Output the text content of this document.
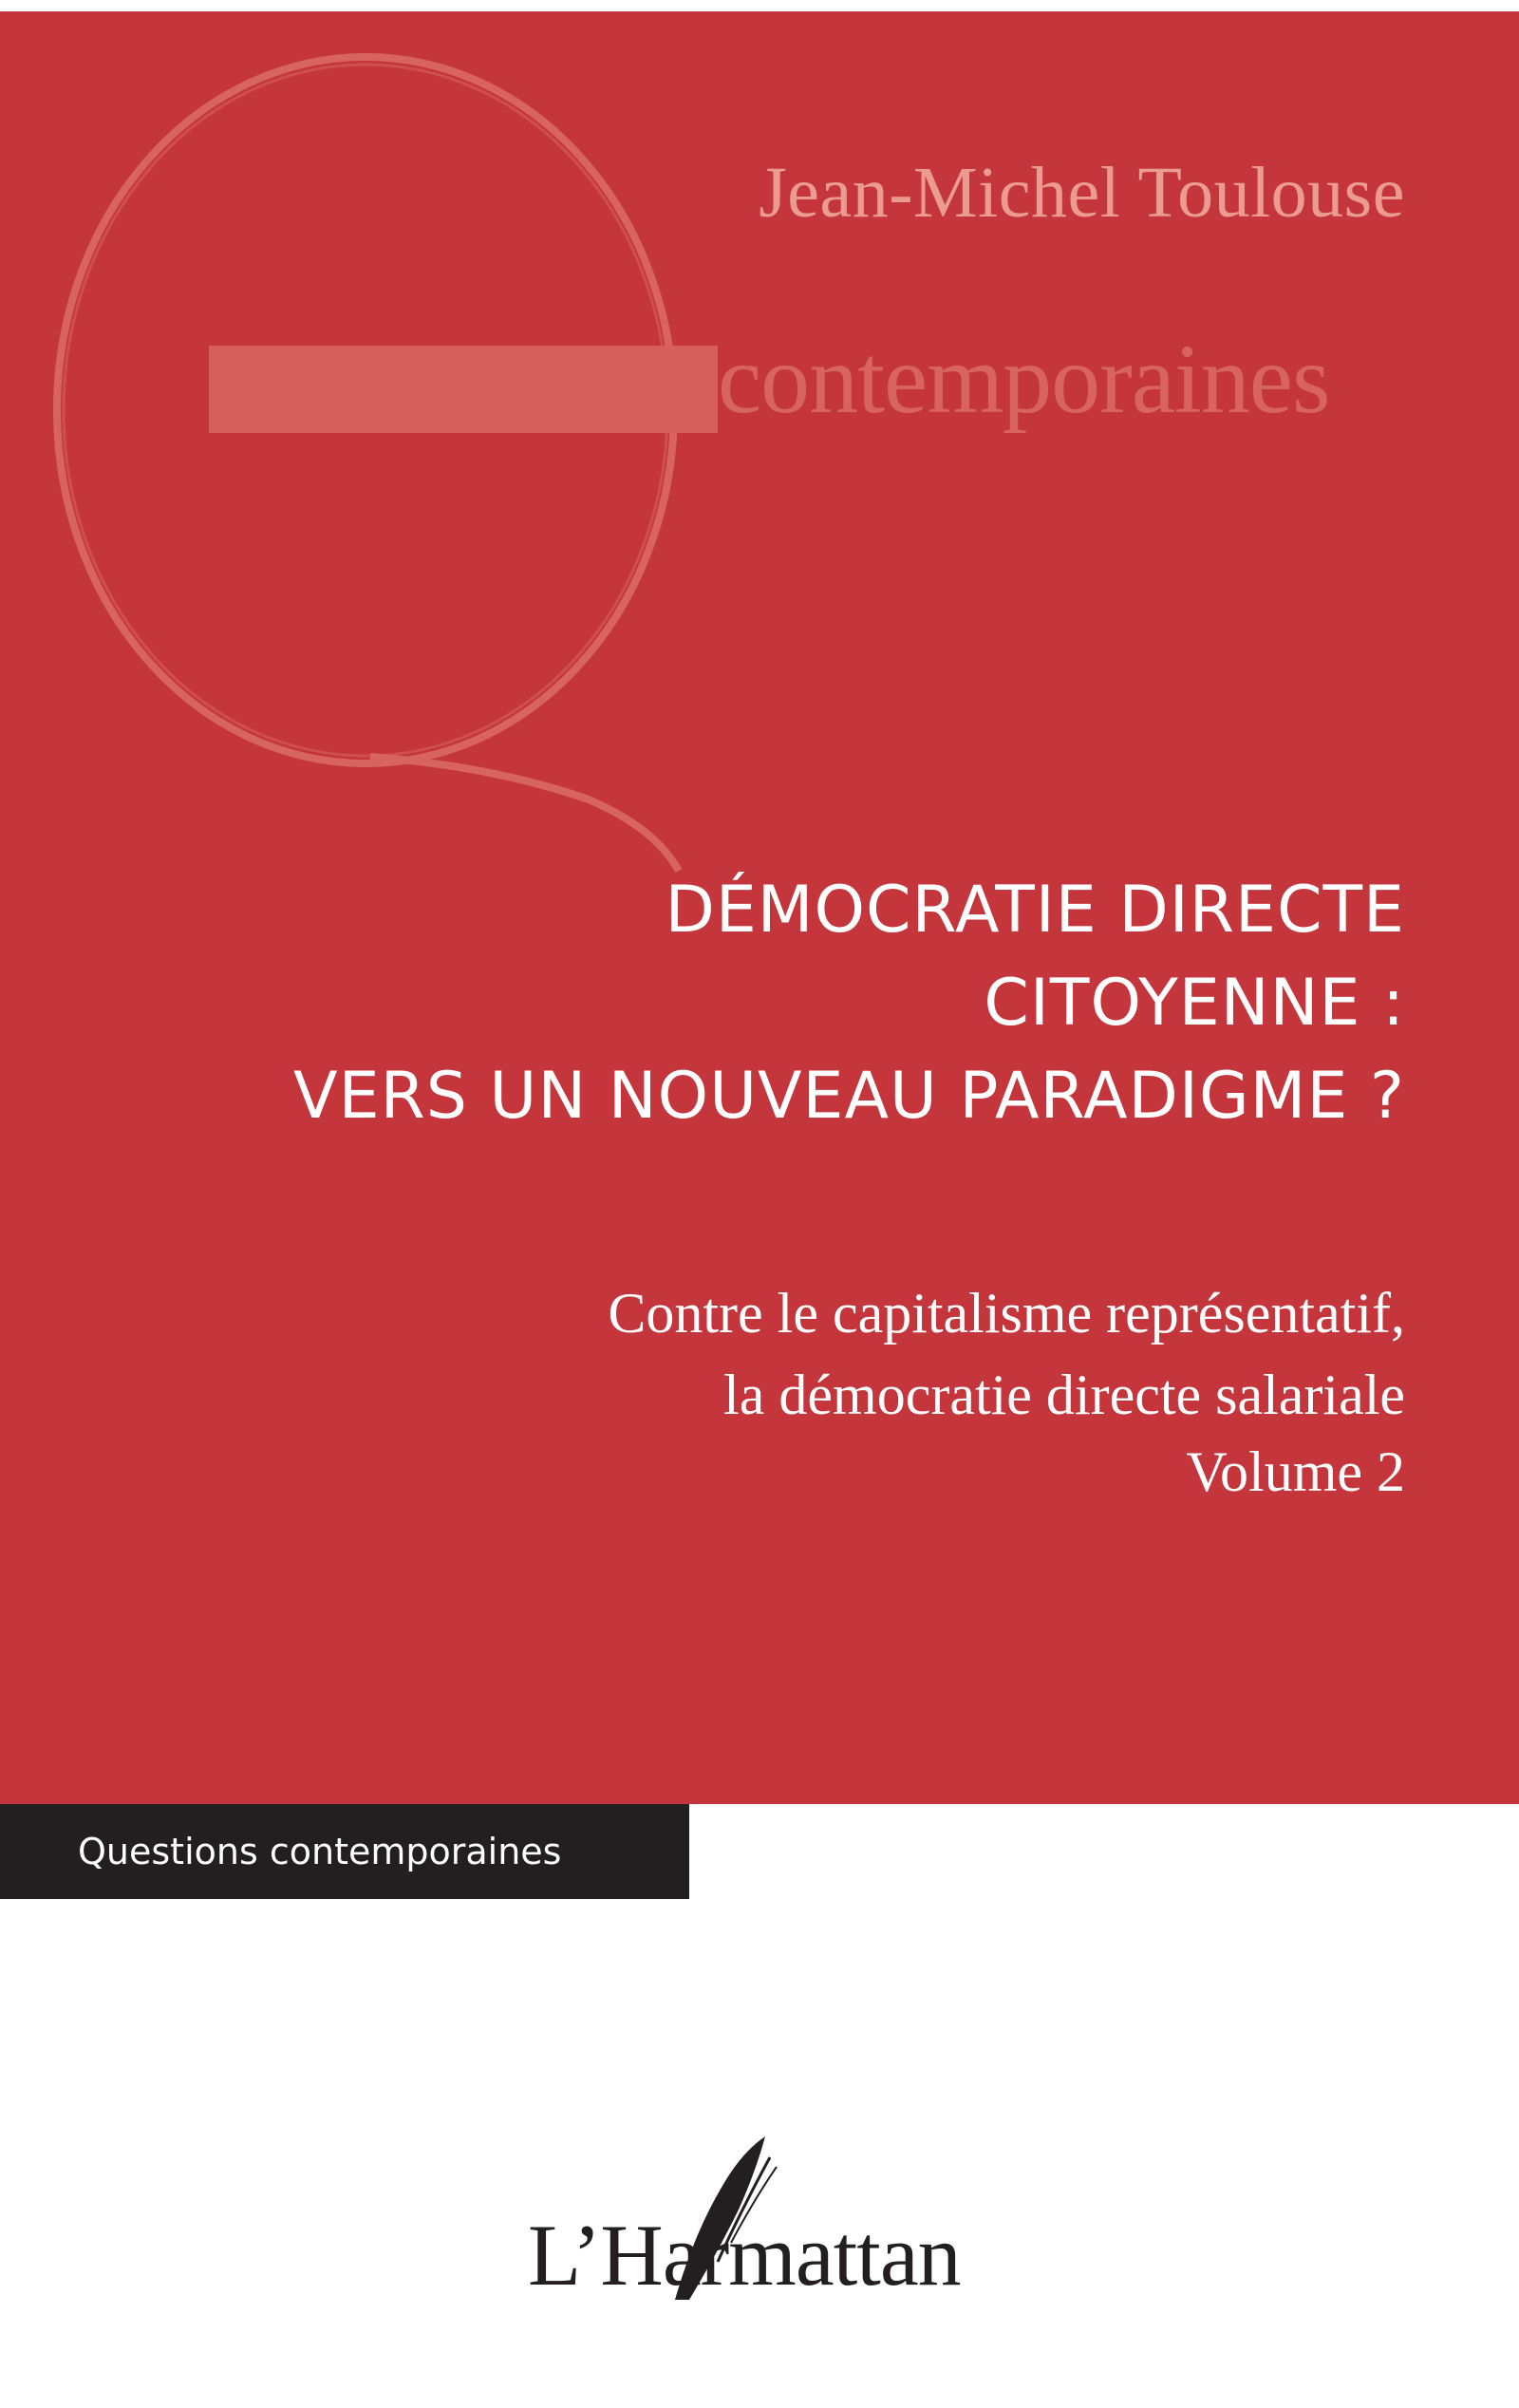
contemporaines
Jean-Michel Toulouse
DÉMOCRATIE DIRECTE
CITOYENNE :
VERS UN NOUVEAU PARADIGME ?
Contre le capitalisme représentatif,
la démocratie directe salariale
Volume 2
Questions contemporaines
L’Harmattan
